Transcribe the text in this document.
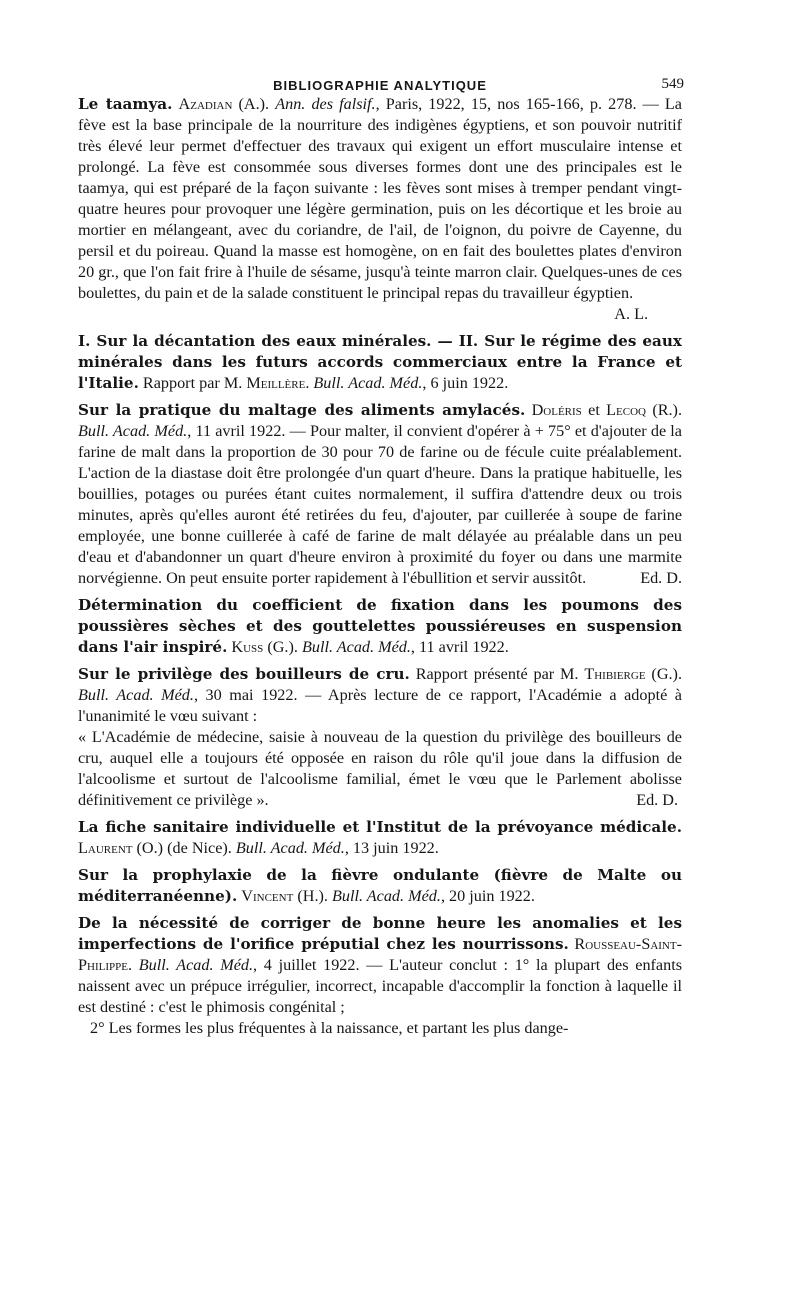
BIBLIOGRAPHIE ANALYTIQUE	549

Le taamya. Azadian (A.). Ann. des falsif., Paris, 1922, 15, nos 165-166, p. 278. — La fève est la base principale de la nourriture des indigènes égyptiens, et son pouvoir nutritif très élevé leur permet d'effectuer des travaux qui exigent un effort musculaire intense et prolongé. La fève est consommée sous diverses formes dont une des principales est le taamya, qui est préparé de la façon suivante : les fèves sont mises à tremper pendant vingt-quatre heures pour provoquer une légère germination, puis on les décortique et les broie au mortier en mélangeant, avec du coriandre, de l'ail, de l'oignon, du poivre de Cayenne, du persil et du poireau. Quand la masse est homogène, on en fait des boulettes plates d'environ 20 gr., que l'on fait frire à l'huile de sésame, jusqu'à teinte marron clair. Quelques-unes de ces boulettes, du pain et de la salade constituent le principal repas du travailleur égyptien.
A. L.

I. Sur la décantation des eaux minérales. — II. Sur le régime des eaux minérales dans les futurs accords commerciaux entre la France et l'Italie. Rapport par M. Meillère. Bull. Acad. Méd., 6 juin 1922.

Sur la pratique du maltage des aliments amylacés. Doléris et Lecoq (R.). Bull. Acad. Méd., 11 avril 1922. — Pour malter, il convient d'opérer à + 75° et d'ajouter de la farine de malt dans la proportion de 30 pour 70 de farine ou de fécule cuite préalablement. L'action de la diastase doit être prolongée d'un quart d'heure. Dans la pratique habituelle, les bouillies, potages ou purées étant cuites normalement, il suffira d'attendre deux ou trois minutes, après qu'elles auront été retirées du feu, d'ajouter, par cuillerée à soupe de farine employée, une bonne cuillerée à café de farine de malt délayée au préalable dans un peu d'eau et d'abandonner un quart d'heure environ à proximité du foyer ou dans une marmite norvégienne. On peut ensuite porter rapidement à l'ébullition et servir aussitôt.	Ed. D.

Détermination du coefficient de fixation dans les poumons des poussières sèches et des gouttelettes poussiéreuses en suspension dans l'air inspiré. Kuss (G.). Bull. Acad. Méd., 11 avril 1922.

Sur le privilège des bouilleurs de cru. Rapport présenté par M. Thibierge (G.). Bull. Acad. Méd., 30 mai 1922. — Après lecture de ce rapport, l'Académie a adopté à l'unanimité le vœu suivant :
« L'Académie de médecine, saisie à nouveau de la question du privilège des bouilleurs de cru, auquel elle a toujours été opposée en raison du rôle qu'il joue dans la diffusion de l'alcoolisme et surtout de l'alcoolisme familial, émet le vœu que le Parlement abolisse définitivement ce privilège ».	Ed. D.

La fiche sanitaire individuelle et l'Institut de la prévoyance médicale. Laurent (O.) (de Nice). Bull. Acad. Méd., 13 juin 1922.

Sur la prophylaxie de la fièvre ondulante (fièvre de Malte ou méditerranéenne). Vincent (H.). Bull. Acad. Méd., 20 juin 1922.

De la nécessité de corriger de bonne heure les anomalies et les imperfections de l'orifice préputial chez les nourrissons. Rousseau-Saint-Philippe. Bull. Acad. Méd., 4 juillet 1922. — L'auteur conclut : 1° la plupart des enfants naissent avec un prépuce irrégulier, incorrect, incapable d'accomplir la fonction à laquelle il est destiné : c'est le phimosis congénital ;
2° Les formes les plus fréquentes à la naissance, et partant les plus dange-
